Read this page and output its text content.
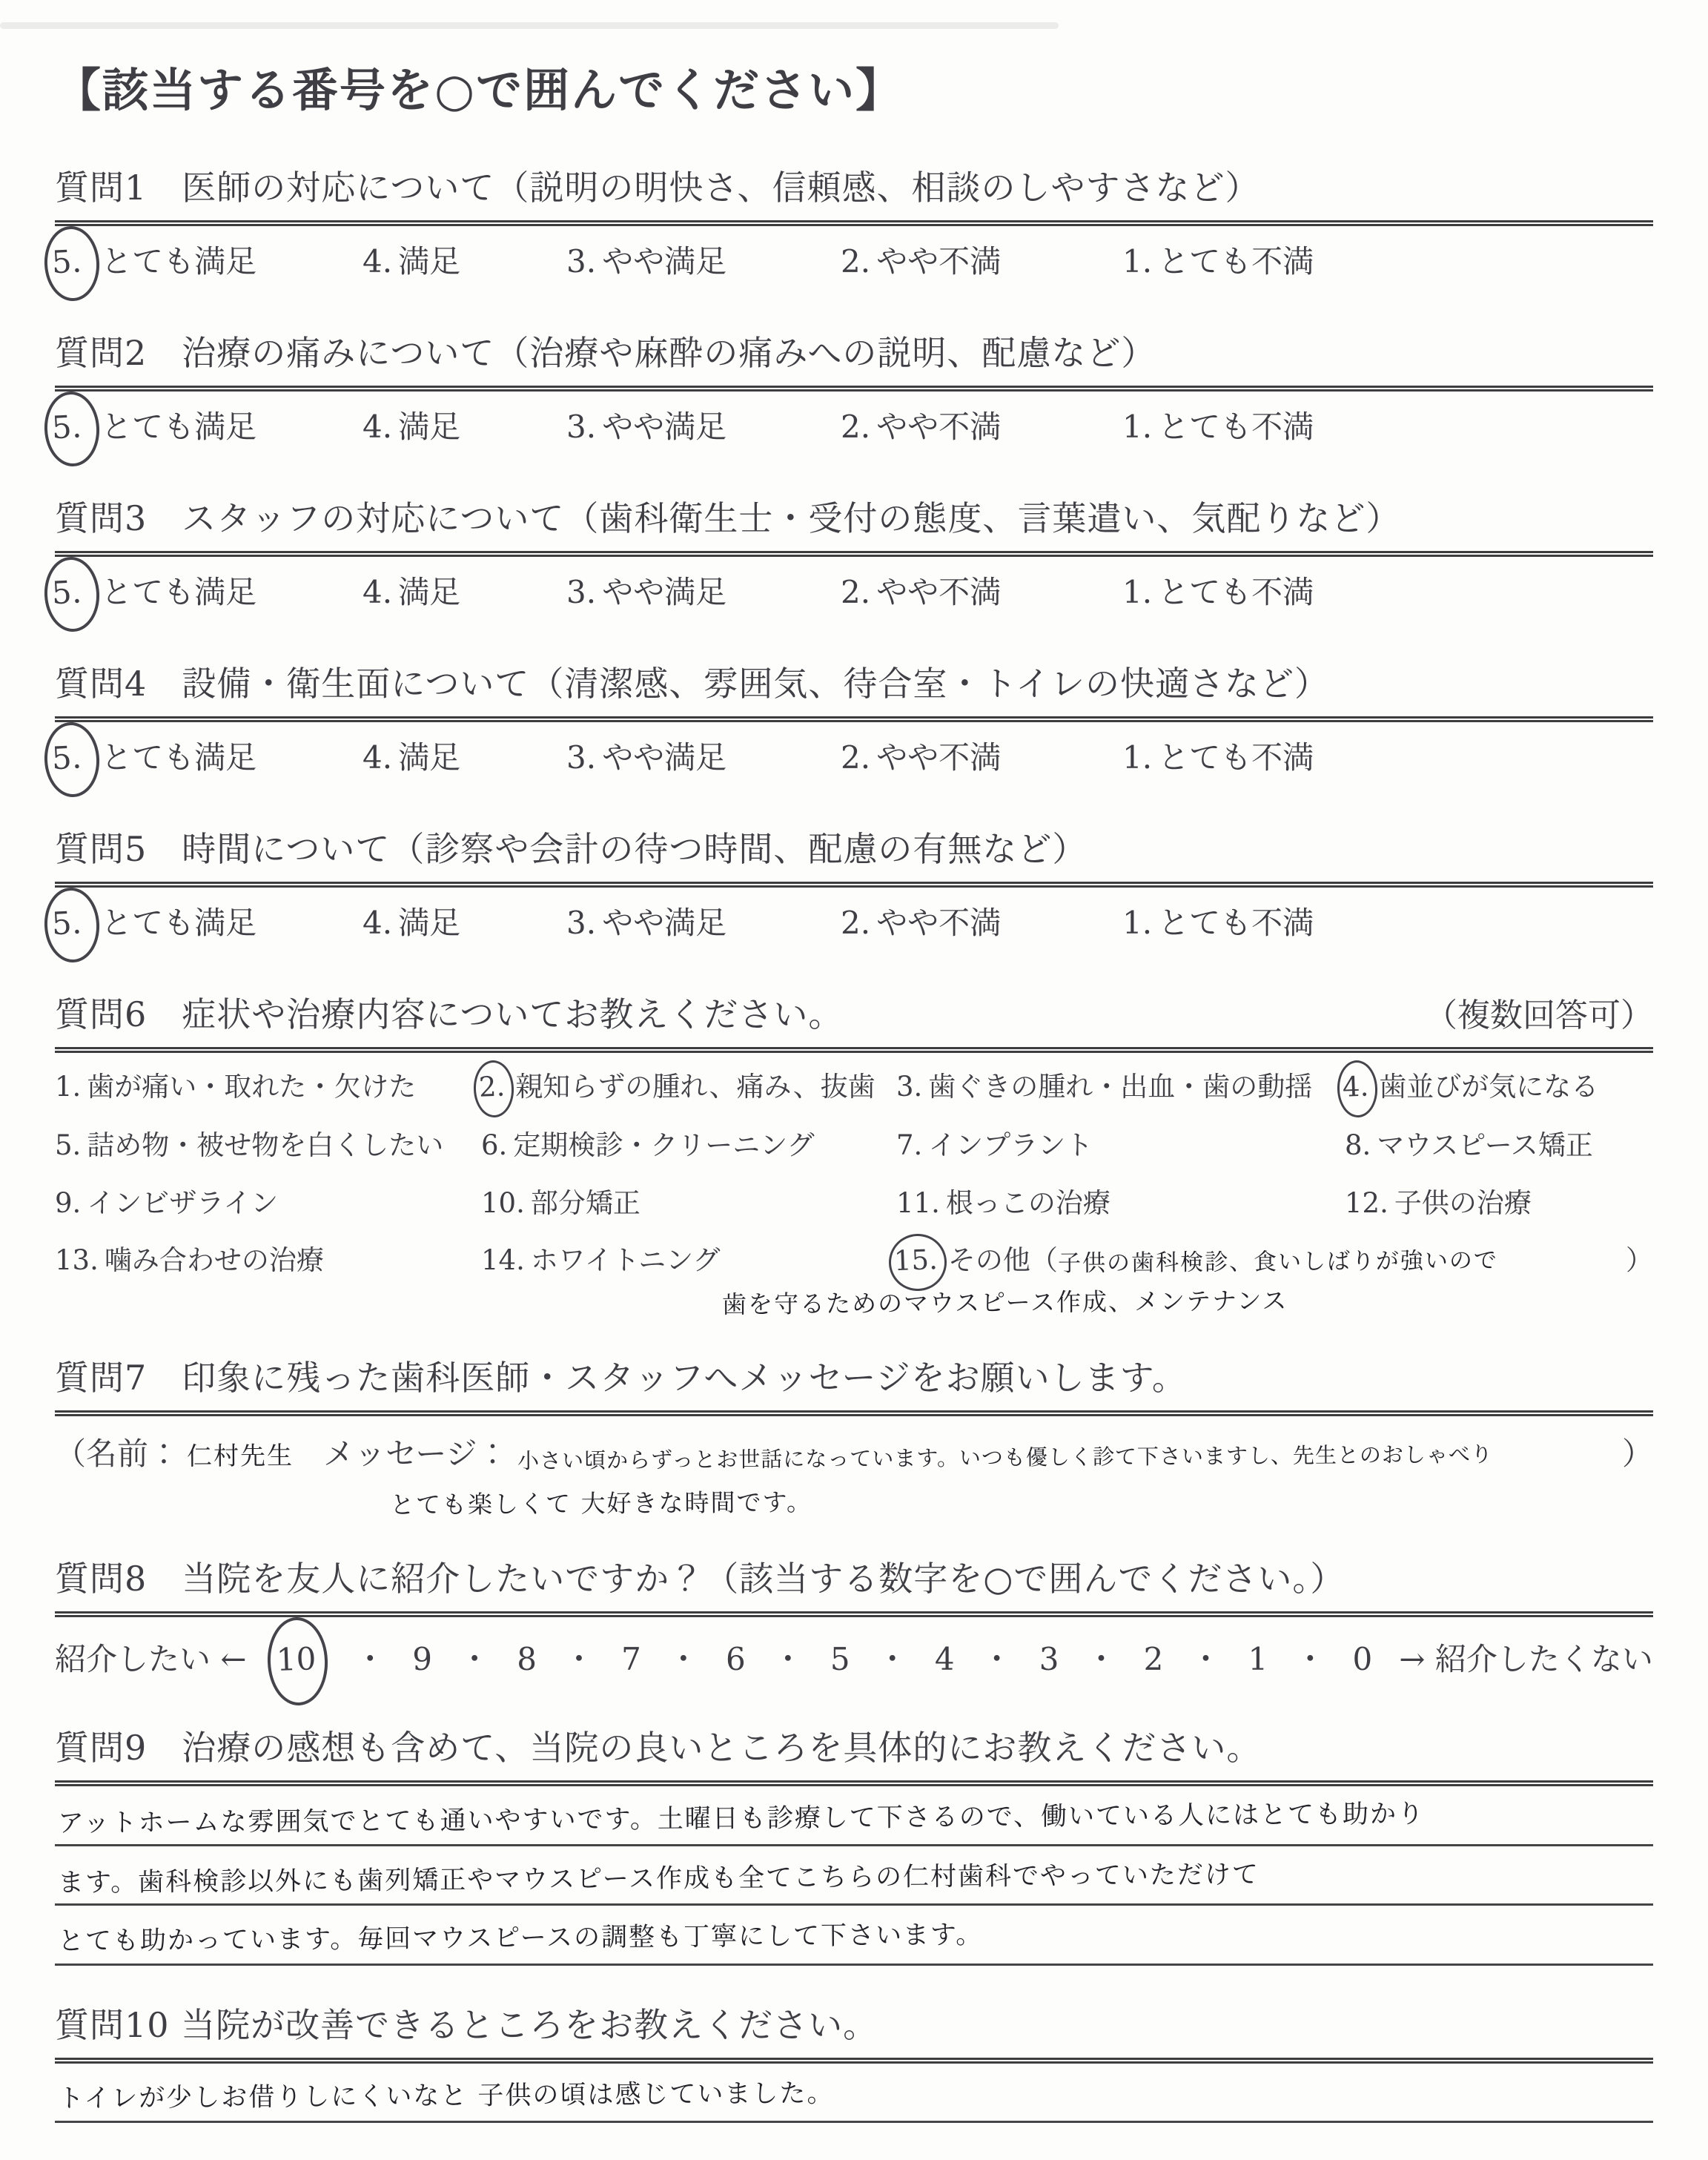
【該当する番号を○で囲んでください】
質問1　医師の対応について（説明の明快さ、信頼感、相談のしやすさなど）
5. とても満足	4. 満足	3. やや満足	2. やや不満	1. とても不満
質問2　治療の痛みについて（治療や麻酔の痛みへの説明、配慮など）
5. とても満足	4. 満足	3. やや満足	2. やや不満	1. とても不満
質問3　スタッフの対応について（歯科衛生士・受付の態度、言葉遣い、気配りなど）
5. とても満足	4. 満足	3. やや満足	2. やや不満	1. とても不満
質問4　設備・衛生面について（清潔感、雰囲気、待合室・トイレの快適さなど）
5. とても満足	4. 満足	3. やや満足	2. やや不満	1. とても不満
質問5　時間について（診察や会計の待つ時間、配慮の有無など）
5. とても満足	4. 満足	3. やや満足	2. やや不満	1. とても不満
質問6　症状や治療内容についてお教えください。	（複数回答可）
1. 歯が痛い・取れた・欠けた	2. 親知らずの腫れ、痛み、抜歯 3. 歯ぐきの腫れ・出血・歯の動揺	4. 歯並びが気になる
5. 詰め物・被せ物を白くしたい	6. 定期検診・クリーニング	7. インプラント	8. マウスピース矯正
9. インビザライン	10. 部分矯正	11. 根っこの治療	12. 子供の治療
13. 噛み合わせの治療	14. ホワイトニング	15. その他 （ 子供の歯科検診、食いしばりが強いので	）
歯を守るためのマウスピース作成、メンテナンス
質問7　印象に残った歯科医師・スタッフへメッセージをお願いします。
（名前： 仁村先生 メッセージ： 小さい頃からずっとお世話になっています。いつも優しく診て下さいますし、先生とのおしゃべり	）
とても楽しくて 大好きな時間です。
質問8　当院を友人に紹介したいですか？（該当する数字を○で囲んでください。）
紹介したい ← 10	・ 9 ・ 8 ・ 7 ・ 6 ・ 5 ・ 4 ・ 3 ・ 2 ・ 1 ・ 0 → 紹介したくない
質問9　治療の感想も含めて、当院の良いところを具体的にお教えください。
アットホームな雰囲気でとても通いやすいです。土曜日も診療して下さるので、働いている人にはとても助かり
ます。歯科検診以外にも歯列矯正やマウスピース作成も全てこちらの仁村歯科でやっていただけて
とても助かっています。毎回マウスピースの調整も丁寧にして下さいます。
質問10 当院が改善できるところをお教えください。
トイレが少しお借りしにくいなと 子供の頃は感じていました。
